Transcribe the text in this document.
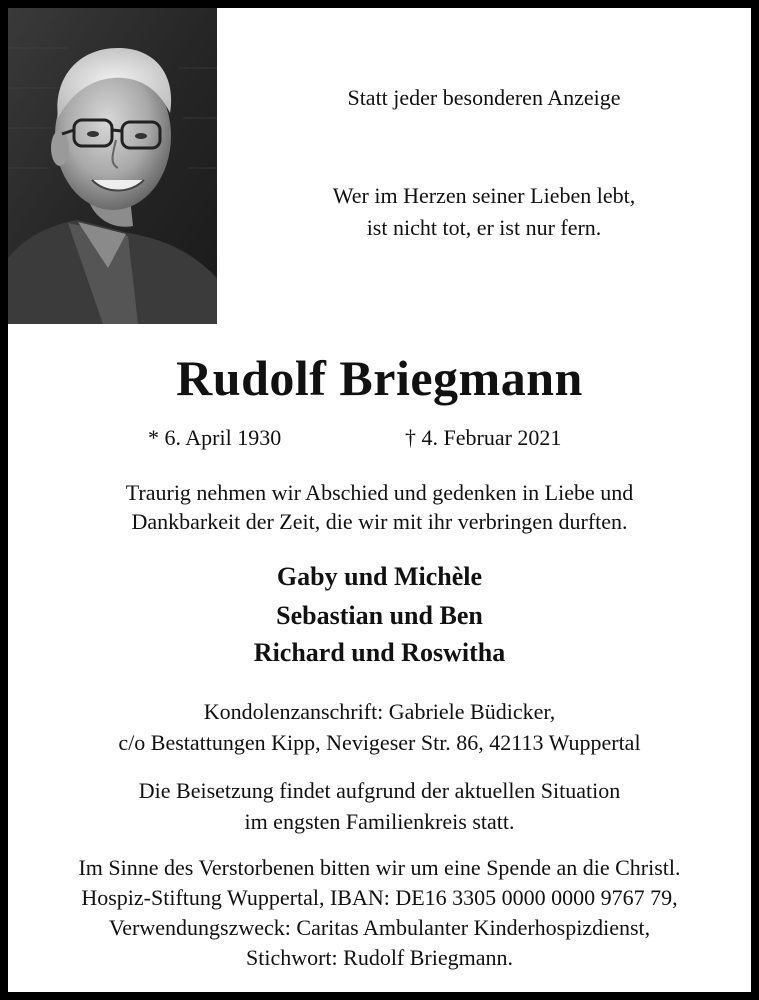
Statt jeder besonderen Anzeige
Wer im Herzen seiner Lieben lebt,
ist nicht tot, er ist nur fern.
Rudolf Briegmann
* 6. April 1930	† 4. Februar 2021
Traurig nehmen wir Abschied und gedenken in Liebe und
Dankbarkeit der Zeit, die wir mit ihr verbringen durften.
Gaby und Michèle
Sebastian und Ben
Richard und Roswitha
Kondolenzanschrift: Gabriele Büdicker,
c/o Bestattungen Kipp, Nevigeser Str. 86, 42113 Wuppertal
Die Beisetzung findet aufgrund der aktuellen Situation
im engsten Familienkreis statt.
Im Sinne des Verstorbenen bitten wir um eine Spende an die Christl.
Hospiz-Stiftung Wuppertal, IBAN: DE16 3305 0000 0000 9767 79,
Verwendungszweck: Caritas Ambulanter Kinderhospizdienst,
Stichwort: Rudolf Briegmann.
